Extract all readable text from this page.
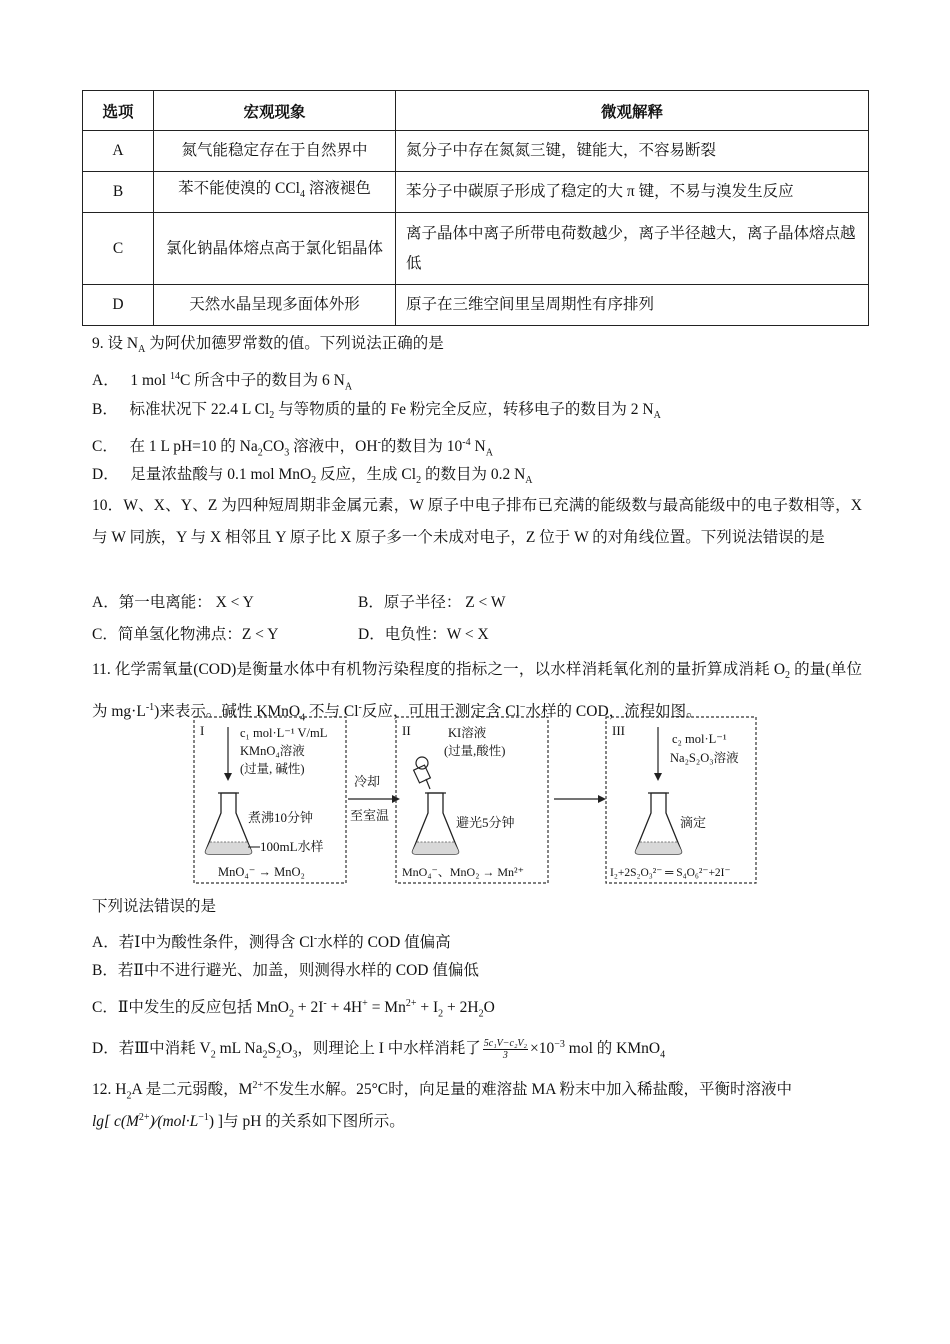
选项	宏观现象	微观解释
A	氮气能稳定存在于自然界中	氮分子中存在氮氮三键，键能大，不容易断裂
B	苯不能使溴的 CCl$_4$ 溶液褪色	苯分子中碳原子形成了稳定的大 π 键，不易与溴发生反应
C	氯化钠晶体熔点高于氯化铝晶体	离子晶体中离子所带电荷数越少，离子半径越大，离子晶体熔点越低
D	天然水晶呈现多面体外形	原子在三维空间里呈周期性有序排列
9. 设 $N_A$ 为阿伏加德罗常数的值。下列说法正确的是
A． 1 mol $^{14}$C 所含中子的数目为 6 $N_A$
B． 标准状况下 22.4 L $Cl_2$ 与等物质的量的 Fe 粉完全反应，转移电子的数目为 2 $N_A$
C． 在 1 L pH=10 的 $Na_2CO_3$ 溶液中，OH-的数目为 $10^{-4}$ $N_A$
D． 足量浓盐酸与 0.1 mol MnO$_2$ 反应，生成 $Cl_2$ 的数目为 0.2 $N_A$
10．W、X、Y、Z 为四种短周期非金属元素，W 原子中电子排布已充满的能级数与最高能级中的电子数相等，X 与 W 同族，Y 与 X 相邻且 Y 原子比 X 原子多一个未成对电子，Z 位于 W 的对角线位置。下列说法错误的是
A．第一电离能： X < Y	B．原子半径： Z < W
C．简单氢化物沸点：Z < Y	D．电负性：W < X
11. 化学需氧量(COD)是衡量水体中有机物污染程度的指标之一，以水样消耗氧化剂的量折算成消耗 $O_2$ 的量(单位为 $mg\cdot L^{-1}$)来表示。碱性 KMnO$_4$ 不与 Cl-反应，可用于测定含 Cl−水样的 COD，流程如图。
I	c₁ mol·L⁻¹ V/mL
KMnO₄溶液
(过量, 碱性)
煮沸10分钟
100mL水样
MnO₄⁻ → MnO₂
冷却
至室温
II	KI溶液
(过量,酸性)
避光5分钟
MnO₄⁻、MnO₂ → Mn²⁺
III
c₂ mol·L⁻¹
Na₂S₂O₃溶液
滴定
I₂+2S₂O₃²⁻ ═ S₄O₆²⁻+2I⁻
下列说法错误的是
A．若Ⅰ中为酸性条件，测得含 Cl-水样的 COD 值偏高
B．若Ⅱ中不进行避光、加盖，则测得水样的 COD 值偏低
C．Ⅱ中发生的反应包括 $MnO_2 + 2I^- + 4H^+ = Mn^{2+} + I_2 + 2H_2O$
D．若Ⅲ中消耗 $V_2$ mL $Na_2S_2O_3$，则理论上 I 中水样消耗了 $\frac{\text{5c₁V−c₂V₂}}{3} \times 10^{-3}$ mol 的 KMnO$_4$
12. $H_2A$ 是二元弱酸，$M^{2+}$不发生水解。25°C时，向足量的难溶盐 MA 粉末中加入稀盐酸，平衡时溶液中
lg[ $c(M^{2+})∕(mol\cdot L^{-1})$ ]与 pH 的关系如下图所示。
